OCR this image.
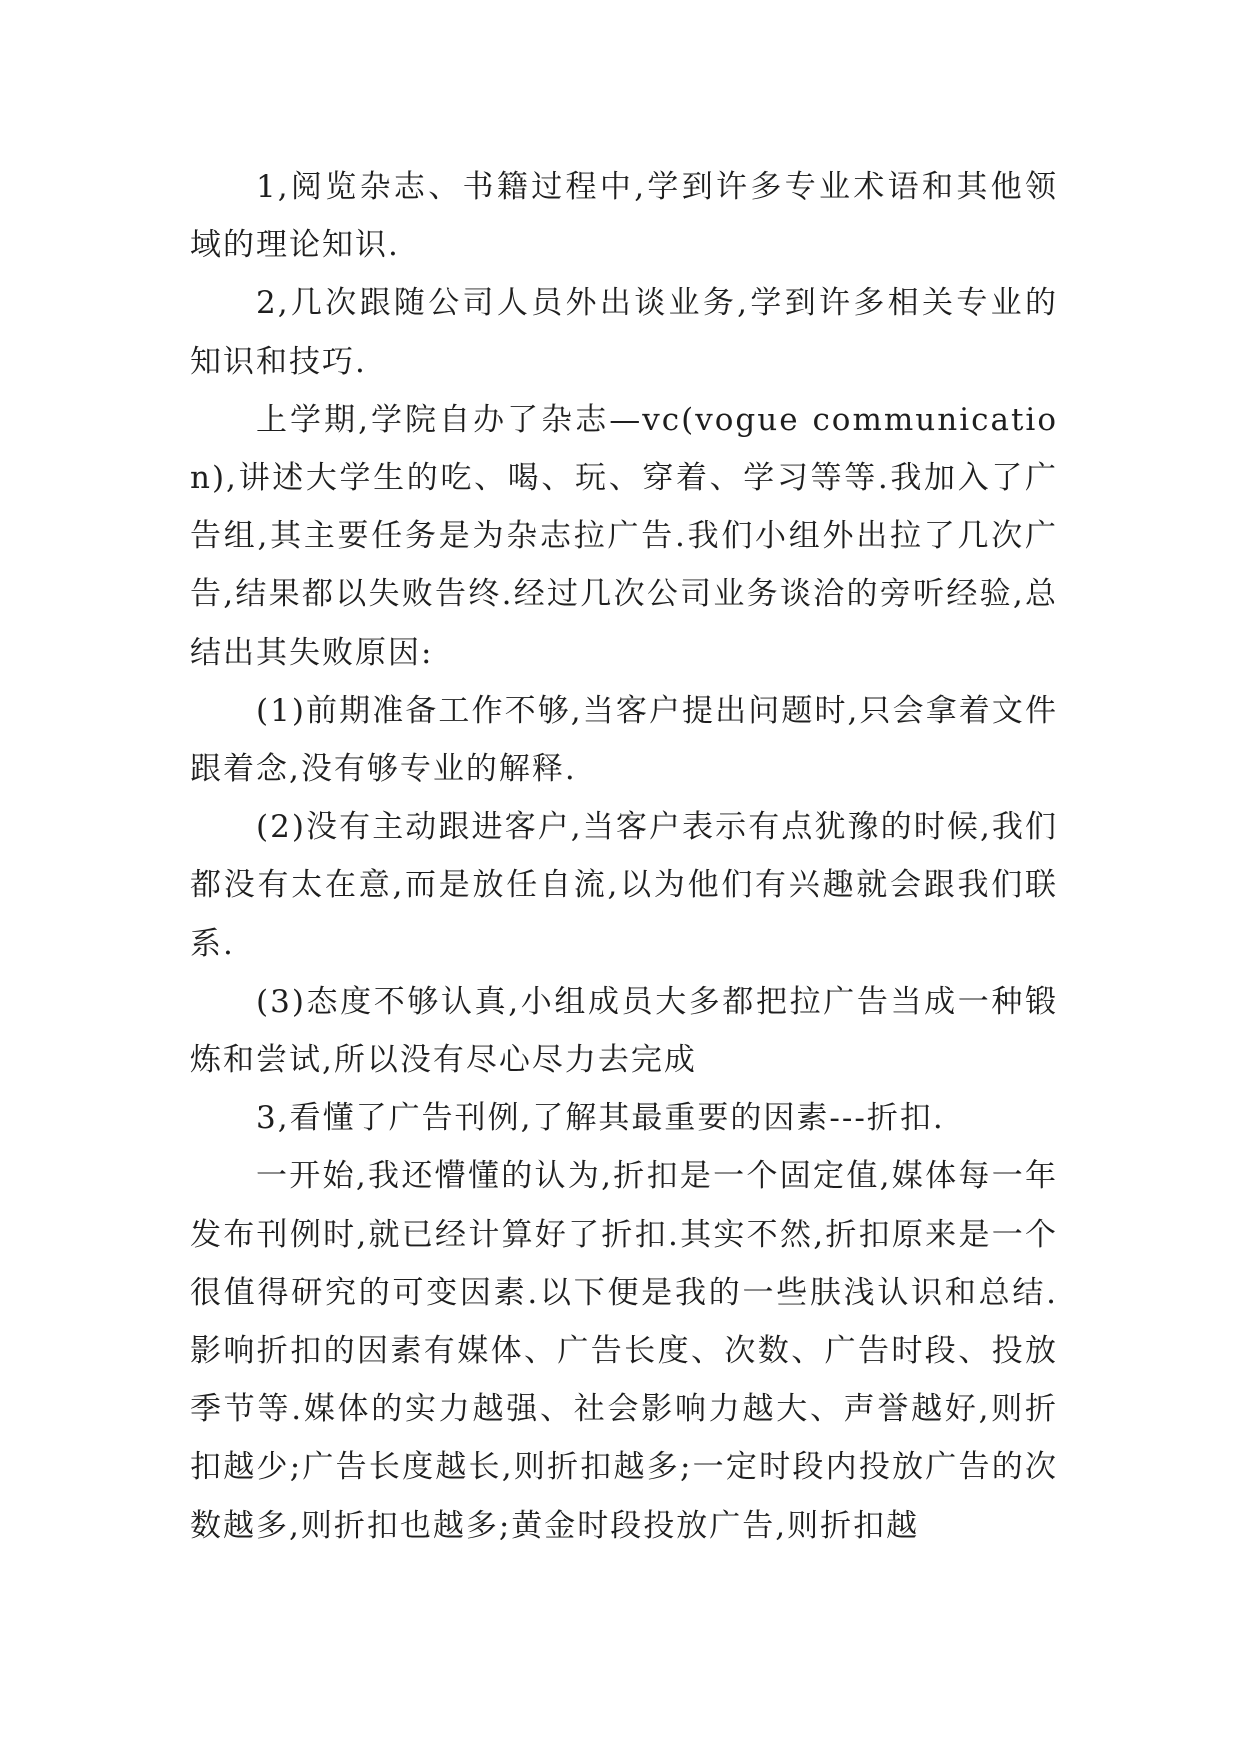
1,阅览杂志、书籍过程中,学到许多专业术语和其他领域的理论知识.

2,几次跟随公司人员外出谈业务,学到许多相关专业的知识和技巧.

上学期,学院自办了杂志—vc(vogue communication),讲述大学生的吃、喝、玩、穿着、学习等等.我加入了广告组,其主要任务是为杂志拉广告.我们小组外出拉了几次广告,结果都以失败告终.经过几次公司业务谈洽的旁听经验,总结出其失败原因:

(1)前期准备工作不够,当客户提出问题时,只会拿着文件跟着念,没有够专业的解释.

(2)没有主动跟进客户,当客户表示有点犹豫的时候,我们都没有太在意,而是放任自流,以为他们有兴趣就会跟我们联系.

(3)态度不够认真,小组成员大多都把拉广告当成一种锻炼和尝试,所以没有尽心尽力去完成

3,看懂了广告刊例,了解其最重要的因素---折扣.

一开始,我还懵懂的认为,折扣是一个固定值,媒体每一年发布刊例时,就已经计算好了折扣.其实不然,折扣原来是一个很值得研究的可变因素.以下便是我的一些肤浅认识和总结.影响折扣的因素有媒体、广告长度、次数、广告时段、投放季节等.媒体的实力越强、社会影响力越大、声誉越好,则折扣越少;广告长度越长,则折扣越多;一定时段内投放广告的次数越多,则折扣也越多;黄金时段投放广告,则折扣越
